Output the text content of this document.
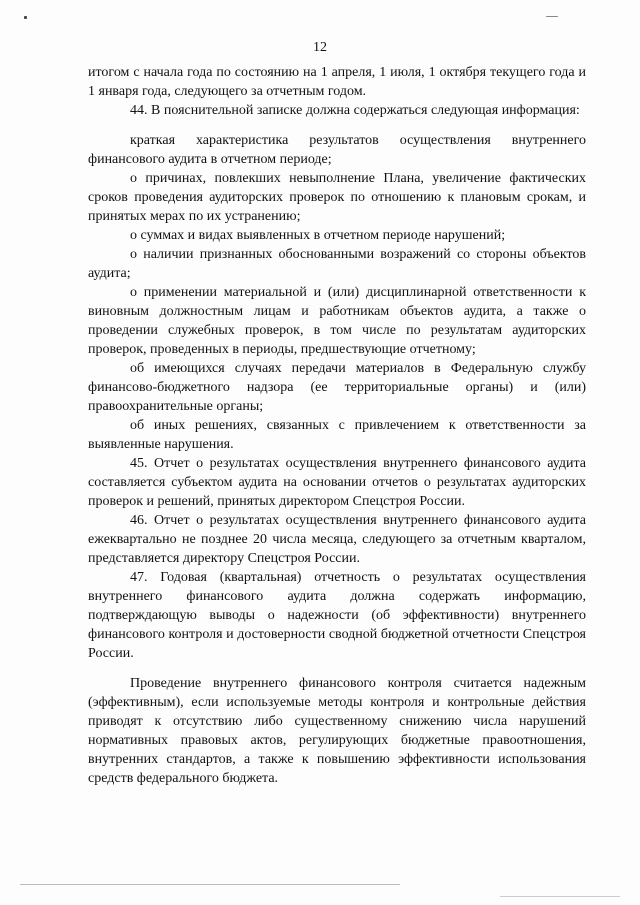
12

итогом с начала года по состоянию на 1 апреля, 1 июля, 1 октября текущего года и 1 января года, следующего за отчетным годом.

44. В пояснительной записке должна содержаться следующая информация:

краткая характеристика результатов осуществления внутреннего финансового аудита в отчетном периоде;

о причинах, повлекших невыполнение Плана, увеличение фактических сроков проведения аудиторских проверок по отношению к плановым срокам, и принятых мерах по их устранению;

о суммах и видах выявленных в отчетном периоде нарушений;

о наличии признанных обоснованными возражений со стороны объектов аудита;

о применении материальной и (или) дисциплинарной ответственности к виновным должностным лицам и работникам объектов аудита, а также о проведении служебных проверок, в том числе по результатам аудиторских проверок, проведенных в периоды, предшествующие отчетному;

об имеющихся случаях передачи материалов в Федеральную службу финансово-бюджетного надзора (ее территориальные органы) и (или) правоохранительные органы;

об иных решениях, связанных с привлечением к ответственности за выявленные нарушения.

45. Отчет о результатах осуществления внутреннего финансового аудита составляется субъектом аудита на основании отчетов о результатах аудиторских проверок и решений, принятых директором Спецстроя России.

46. Отчет о результатах осуществления внутреннего финансового аудита ежеквартально не позднее 20 числа месяца, следующего за отчетным кварталом, представляется директору Спецстроя России.

47. Годовая (квартальная) отчетность о результатах осуществления внутреннего финансового аудита должна содержать информацию, подтверждающую выводы о надежности (об эффективности) внутреннего финансового контроля и достоверности сводной бюджетной отчетности Спецстроя России.

Проведение внутреннего финансового контроля считается надежным (эффективным), если используемые методы контроля и контрольные действия приводят к отсутствию либо существенному снижению числа нарушений нормативных правовых актов, регулирующих бюджетные правоотношения, внутренних стандартов, а также к повышению эффективности использования средств федерального бюджета.
